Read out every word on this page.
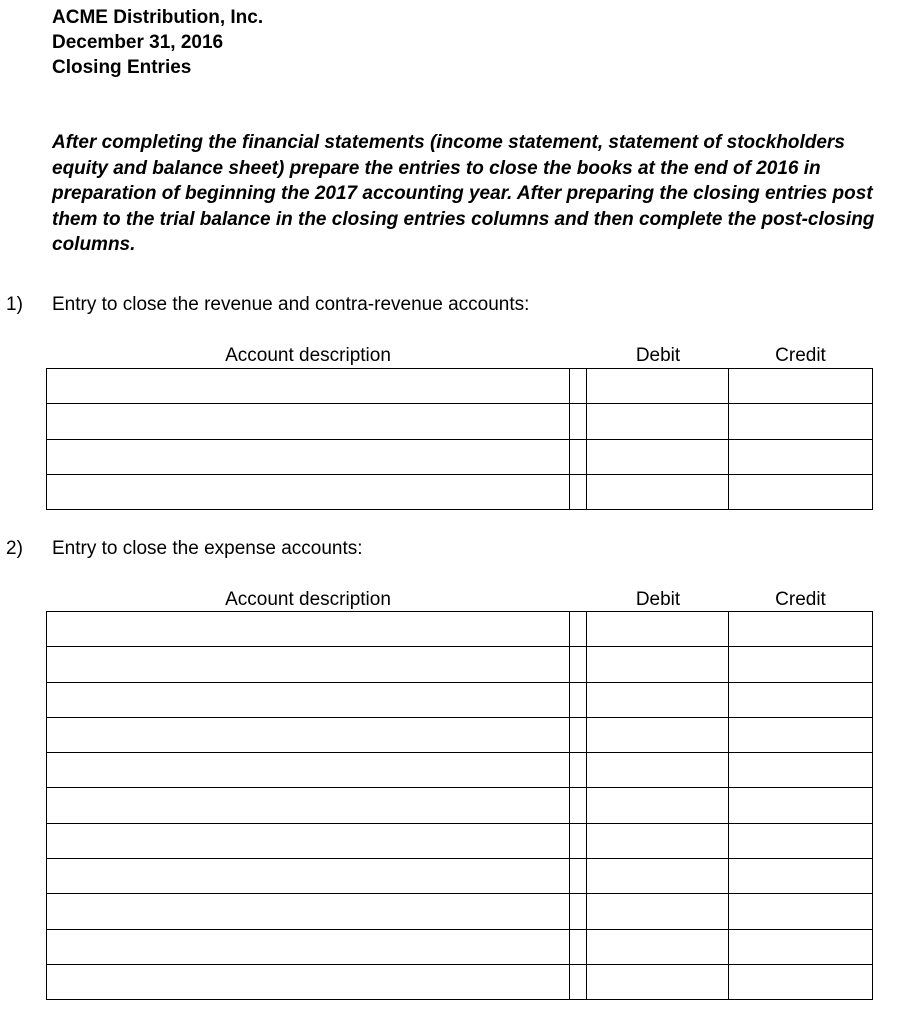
ACME Distribution, Inc.
December 31, 2016
Closing Entries
After completing the financial statements (income statement, statement of stockholders equity and balance sheet) prepare the entries to close the books at the end of 2016 in preparation of beginning the 2017 accounting year. After preparing the closing entries post them to the trial balance in the closing entries columns and then complete the post-closing columns.
1) Entry to close the revenue and contra-revenue accounts:
Account description	Debit	Credit
2) Entry to close the expense accounts:
Account description	Debit	Credit
